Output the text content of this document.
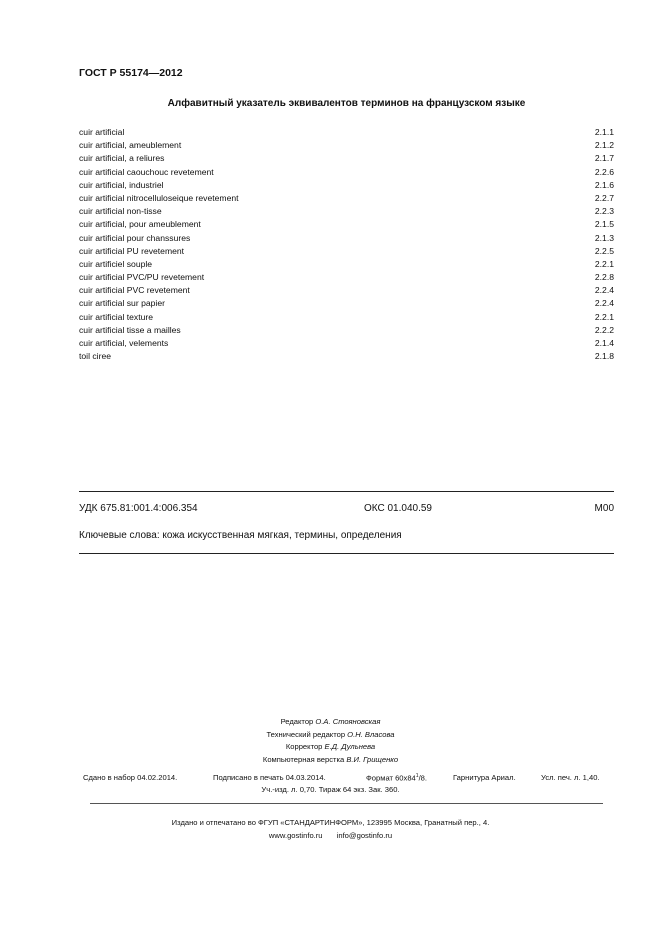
ГОСТ Р 55174—2012
Алфавитный указатель эквивалентов терминов на французском языке
cuir artificial	2.1.1
cuir artificial, ameublement	2.1.2
cuir artificial, a reliures	2.1.7
cuir artificial caouchouc revetement	2.2.6
cuir artificial, industriel	2.1.6
cuir artificial nitrocelluloseique revetement	2.2.7
cuir artificial non-tisse	2.2.3
cuir artificial, pour ameublement	2.1.5
cuir artificial pour chanssures	2.1.3
cuir artificial PU revetement	2.2.5
cuir artificiel souple	2.2.1
cuir artificial PVC/PU revetement	2.2.8
cuir artificial PVC revetement	2.2.4
cuir artificial sur papier	2.2.4
cuir artificial texture	2.2.1
cuir artificial tisse a mailles	2.2.2
cuir artificial, velements	2.1.4
toil ciree	2.1.8
УДК 675.81:001.4:006.354	ОКС 01.040.59	М00
Ключевые слова: кожа искусственная мягкая, термины, определения
Редактор О.А. Стояновская
Технический редактор О.Н. Власова
Корректор Е.Д. Дульнева
Компьютерная верстка В.И. Грищенко
Сдано в набор 04.02.2014.	Подписано в печать 04.03.2014.	Формат $60х84^1/8$.	Гарнитура Ариал.	Усл. печ. л. 1,40.
Уч.-изд. л. 0,70. Тираж 64 экз. Зак. 360.
Издано и отпечатано во ФГУП «СТАНДАРТИНФОРМ», 123995 Москва, Гранатный пер., 4.
www.gostinfo.ru info@gostinfo.ru
